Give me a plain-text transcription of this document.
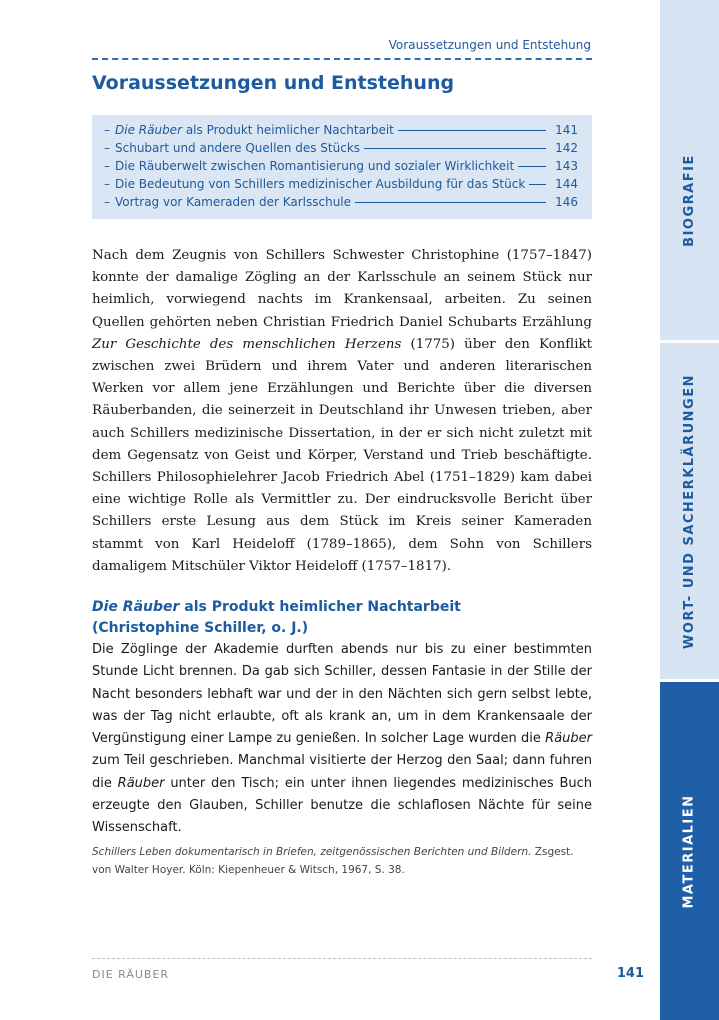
Voraussetzungen und Entstehung
Voraussetzungen und Entstehung
– Die Räuber als Produkt heimlicher Nachtarbeit	141
– Schubart und andere Quellen des Stücks	142
– Die Räuberwelt zwischen Romantisierung und sozialer Wirklichkeit	143
– Die Bedeutung von Schillers medizinischer Ausbildung für das Stück 144
– Vortrag vor Kameraden der Karlsschule	146

Nach dem Zeugnis von Schillers Schwester Christophine (1757–1847) konnte der damalige Zögling an der Karlsschule an seinem Stück nur heimlich, vorwiegend nachts im Krankensaal, arbeiten. Zu seinen Quellen gehörten neben Christian Friedrich Daniel Schubarts Erzählung Zur Geschichte des menschlichen Herzens (1775) über den Konflikt zwischen zwei Brüdern und ihrem Vater und anderen literarischen Werken vor allem jene Erzählungen und Berichte über die diversen Räuberbanden, die seinerzeit in Deutschland ihr Unwesen trieben, aber auch Schillers medizinische Dissertation, in der er sich nicht zuletzt mit dem Gegensatz von Geist und Körper, Verstand und Trieb beschäftigte. Schillers Philosophielehrer Jacob Friedrich Abel (1751–1829) kam dabei eine wichtige Rolle als Vermittler zu. Der eindrucksvolle Bericht über Schillers erste Lesung aus dem Stück im Kreis seiner Kameraden stammt von Karl Heideloff (1789–1865), dem Sohn von Schillers damaligem Mitschüler Viktor Heideloff (1757–1817).

Die Räuber als Produkt heimlicher Nachtarbeit
(Christophine Schiller, o. J.)

Die Zöglinge der Akademie durften abends nur bis zu einer bestimmten Stunde Licht brennen. Da gab sich Schiller, dessen Fantasie in der Stille der Nacht besonders lebhaft war und der in den Nächten sich gern selbst lebte, was der Tag nicht erlaubte, oft als krank an, um in dem Krankensaale der Vergünstigung einer Lampe zu genießen. In solcher Lage wurden die Räuber zum Teil geschrieben. Manchmal visitierte der Herzog den Saal; dann fuhren die Räuber unter den Tisch; ein unter ihnen liegendes medizinisches Buch erzeugte den Glauben, Schiller benutze die schlaflosen Nächte für seine Wissenschaft.

Schillers Leben dokumentarisch in Briefen, zeitgenössischen Berichten und Bildern. Zsgest. von Walter Hoyer. Köln: Kiepenheuer & Witsch, 1967, S. 38.

DIE RÄUBER	141
BIOGRAFIE
WORT- UND SACHERKLÄRUNGEN
MATERIALIEN
